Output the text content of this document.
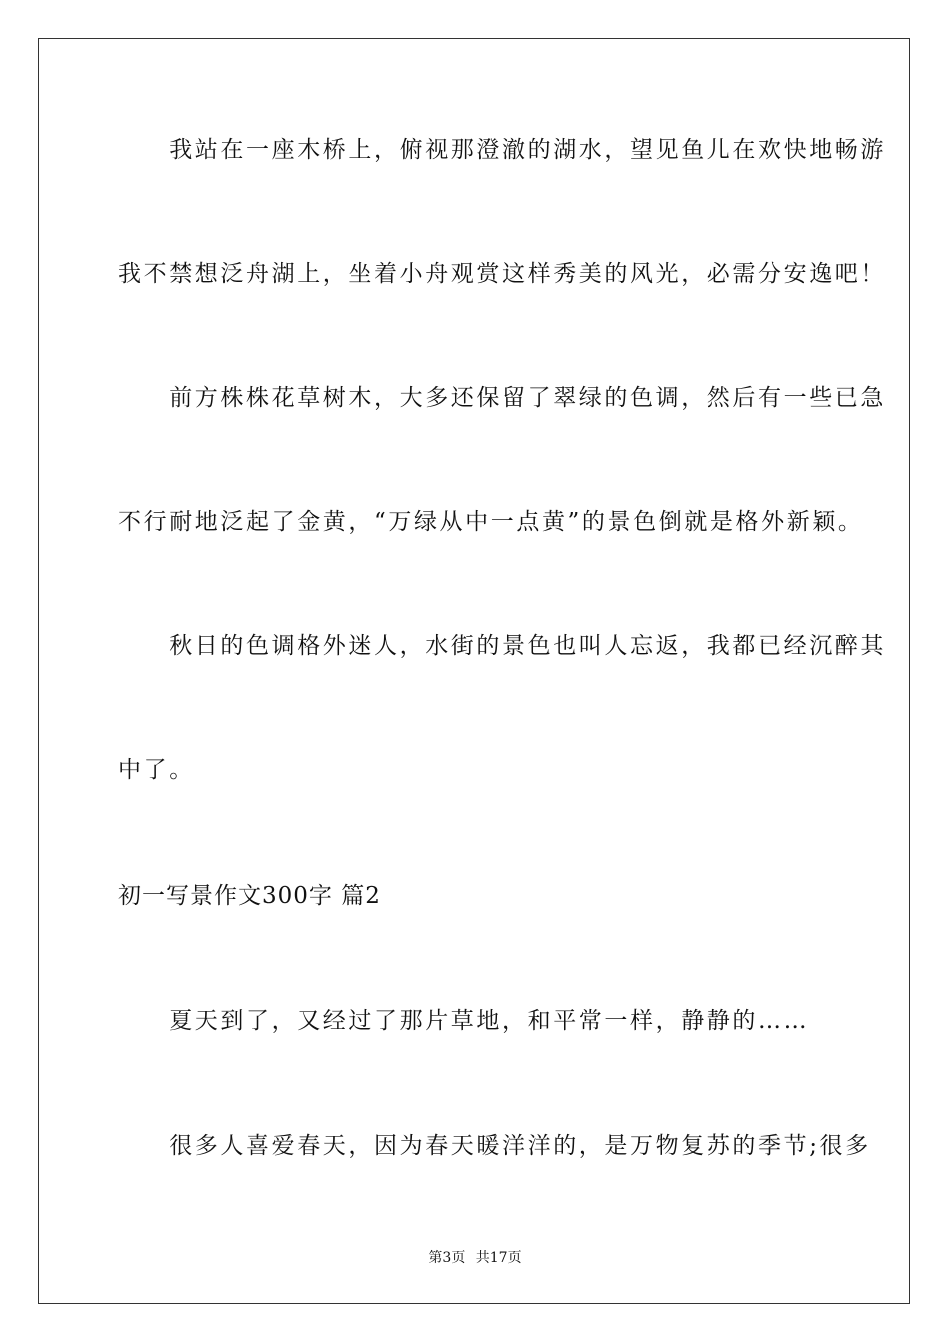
　　我站在一座木桥上，俯视那澄澈的湖水，望见鱼儿在欢快地畅游
我不禁想泛舟湖上，坐着小舟观赏这样秀美的风光，必需分安逸吧！
　　前方株株花草树木，大多还保留了翠绿的色调，然后有一些已急
不行耐地泛起了金黄，“万绿从中一点黄”的景色倒就是格外新颖。
　　秋日的色调格外迷人，水街的景色也叫人忘返，我都已经沉醉其
中了。
初一写景作文300字 篇2
　　夏天到了，又经过了那片草地，和平常一样，静静的……
　　很多人喜爱春天，因为春天暖洋洋的，是万物复苏的季节;很多
第3页 共17页
